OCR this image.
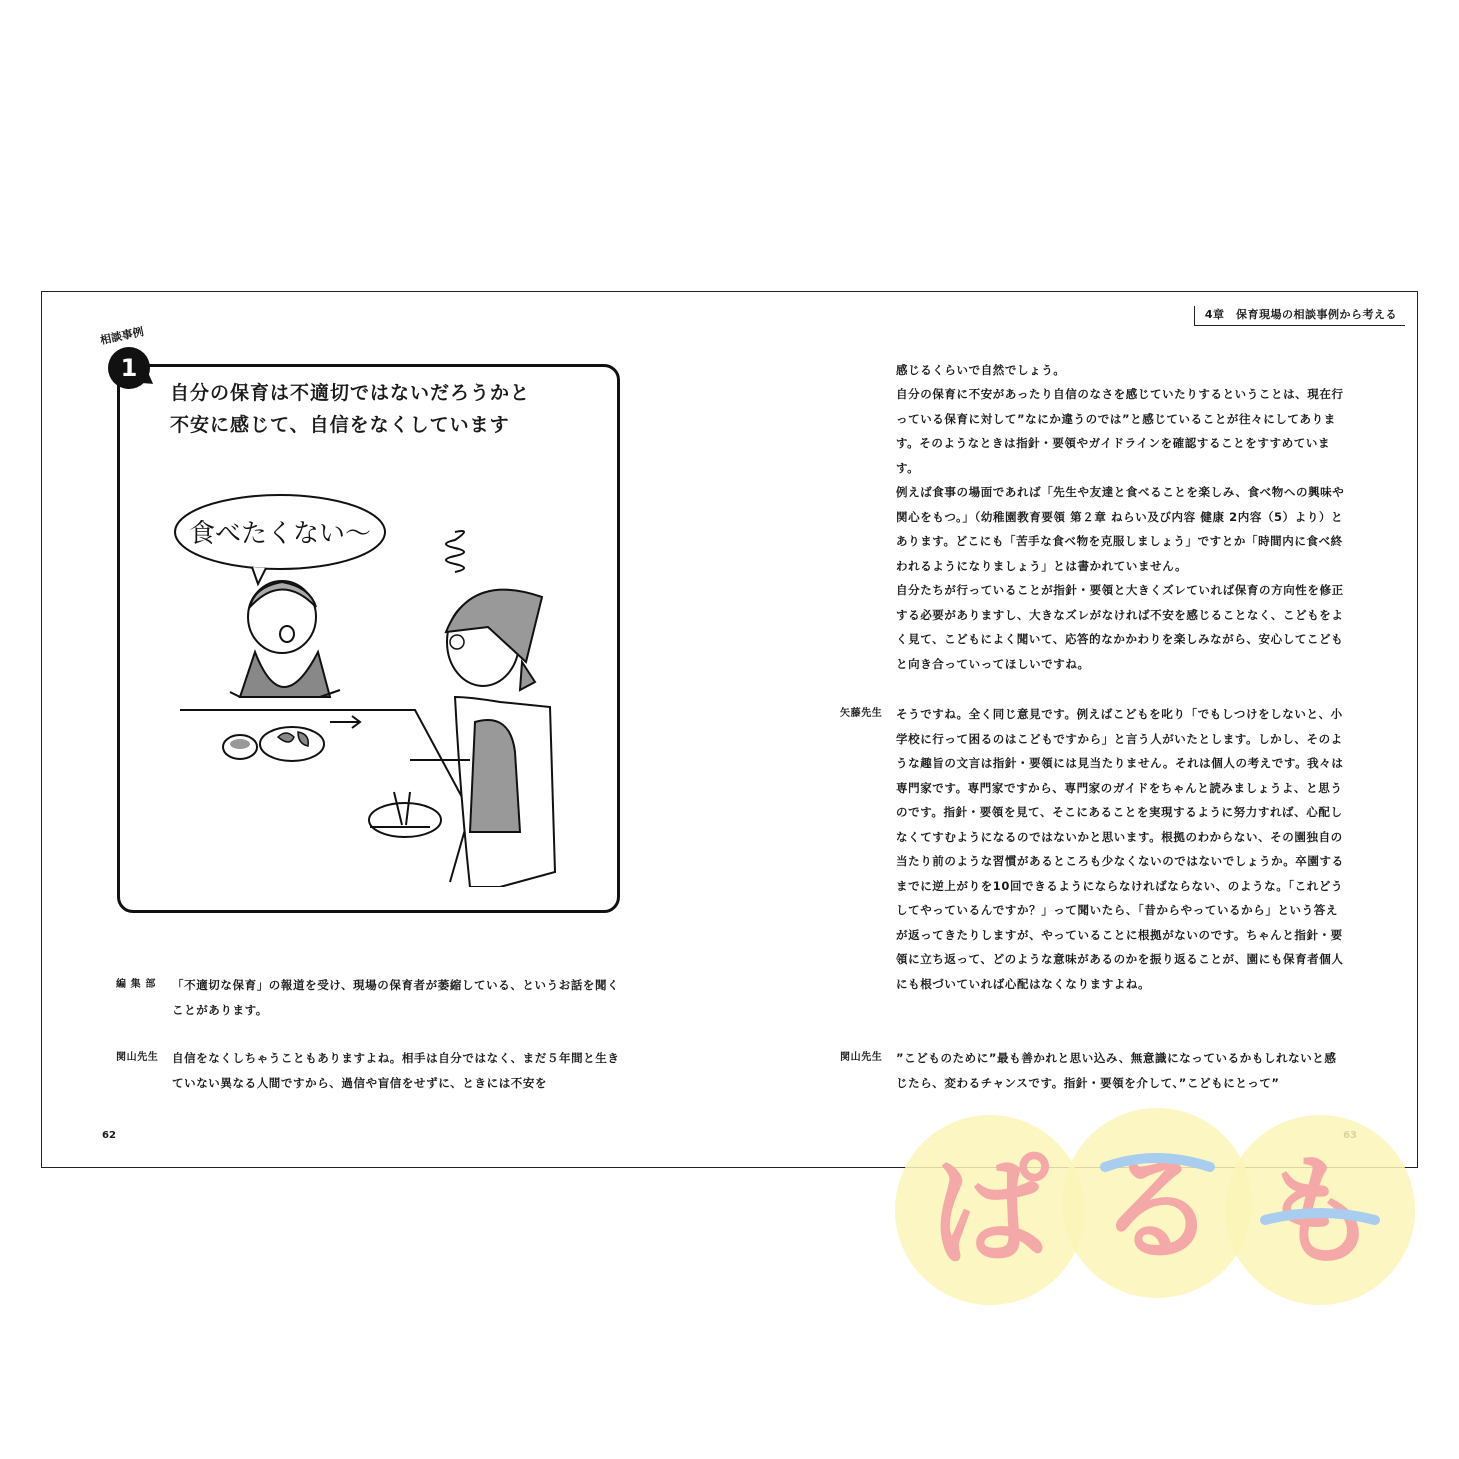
4章　保育現場の相談事例から考える
相談事例
自分の保育は不適切ではないだろうかと
不安に感じて、自信をなくしています
食べたくない〜
1
編 集 部	「不適切な保育」の報道を受け、現場の保育者が萎縮している、というお話を聞くことがあります。
関山先生	自信をなくしちゃうこともありますよね。相手は自分ではなく、まだ５年間と生きていない異なる人間ですから、過信や盲信をせずに、ときには不安を
感じるくらいで自然でしょう。
自分の保育に不安があったり自信のなさを感じていたりするということは、現在行っている保育に対して”なにか違うのでは”と感じていることが往々にしてあります。そのようなときは指針・要領やガイドラインを確認することをすすめています。
例えば食事の場面であれば「先生や友達と食べることを楽しみ、食べ物への興味や関心をもつ。」（幼稚園教育要領 第２章 ねらい及び内容 健康 2内容（5）より）とあります。どこにも「苦手な食べ物を克服しましょう」ですとか「時間内に食べ終われるようになりましょう」とは書かれていません。
自分たちが行っていることが指針・要領と大きくズレていれば保育の方向性を修正する必要がありますし、大きなズレがなければ不安を感じることなく、こどもをよく見て、こどもによく聞いて、応答的なかかわりを楽しみながら、安心してこどもと向き合っていってほしいですね。
矢藤先生	そうですね。全く同じ意見です。例えばこどもを叱り「でもしつけをしないと、小学校に行って困るのはこどもですから」と言う人がいたとします。しかし、そのような趣旨の文言は指針・要領には見当たりません。それは個人の考えです。我々は専門家です。専門家ですから、専門家のガイドをちゃんと読みましょうよ、と思うのです。指針・要領を見て、そこにあることを実現するように努力すれば、心配しなくてすむようになるのではないかと思います。根拠のわからない、その園独自の当たり前のような習慣があるところも少なくないのではないでしょうか。卒園するまでに逆上がりを10回できるようにならなければならない、のような。「これどうしてやっているんですか？」って聞いたら、「昔からやっているから」という答えが返ってきたりしますが、やっていることに根拠がないのです。ちゃんと指針・要領に立ち返って、どのような意味があるのかを振り返ることが、園にも保育者個人にも根づいていれば心配はなくなりますよね。
関山先生	”こどものために”最も善かれと思い込み、無意識になっているかもしれないと感じたら、変わるチャンスです。指針・要領を介して、”こどもにとって”
62
ぱ る も
